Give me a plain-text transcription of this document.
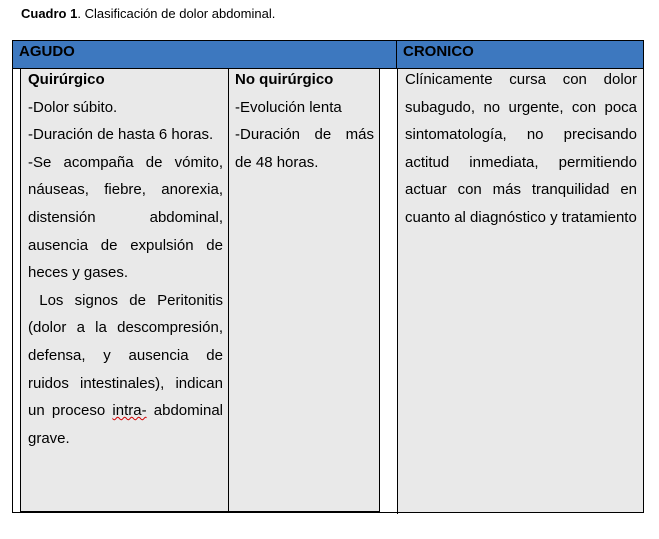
Cuadro 1. Clasificación de dolor abdominal.
AGUDO	CRONICO

Quirúrgico

-Dolor súbito.

-Duración de hasta 6 horas.

-Se acompaña de vómito, náuseas, fiebre, anorexia, distensión abdominal, ausencia de expulsión de heces y gases.

Los signos de Peritonitis (dolor a la descompresión, defensa, y ausencia de ruidos intestinales), indican un proceso intra- abdominal grave.

No quirúrgico

-Evolución lenta

-Duración de más de 48 horas.

Clínicamente cursa con dolor subagudo, no urgente, con poca sintomatología, no precisando actitud inmediata, permitiendo actuar con más tranquilidad en cuanto al diagnóstico y tratamiento
